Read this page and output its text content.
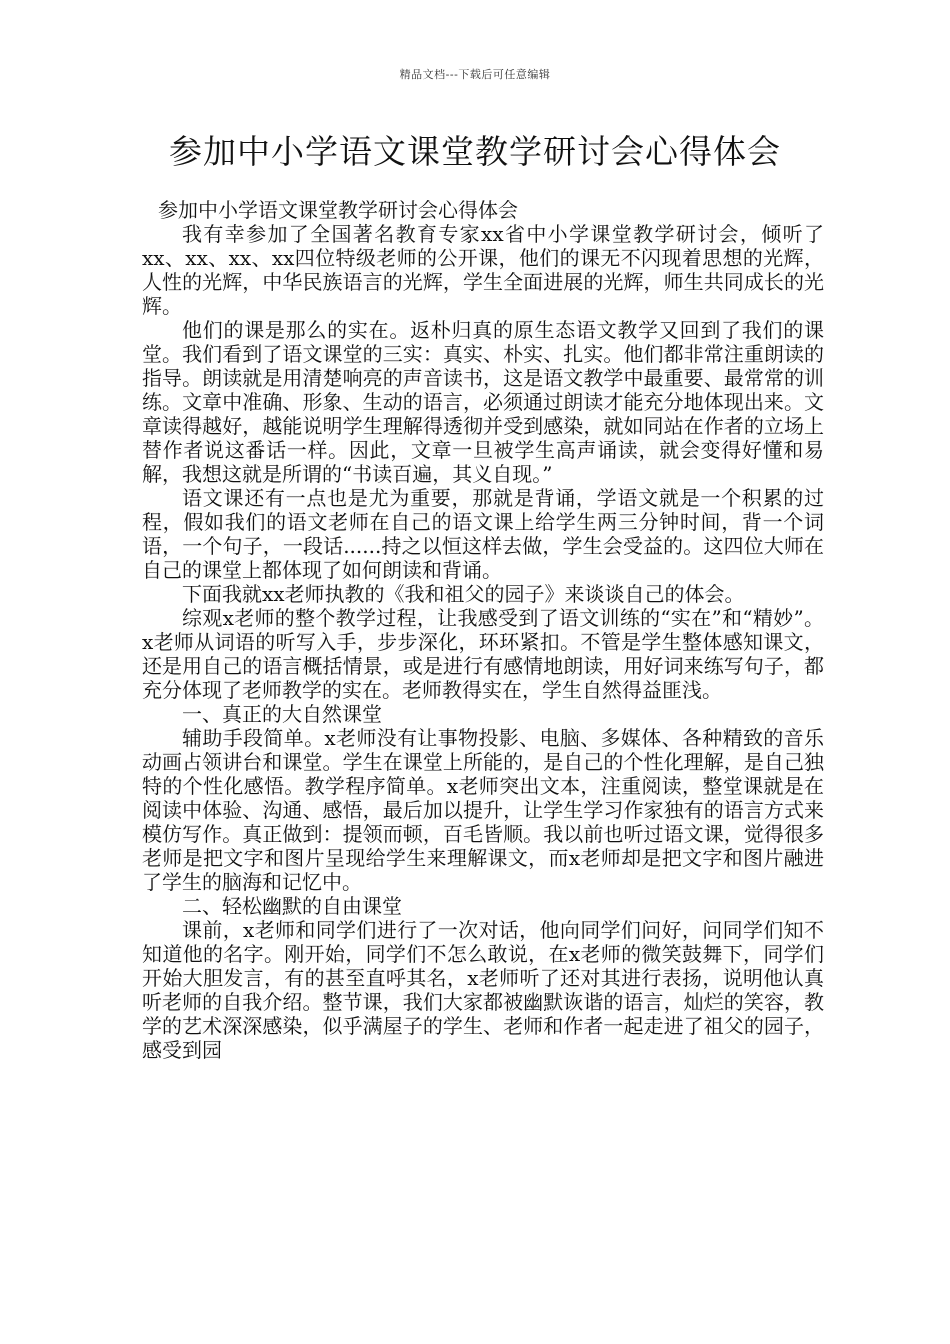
精品文档---下载后可任意编辑
参加中小学语文课堂教学研讨会心得体会

参加中小学语文课堂教学研讨会心得体会

我有幸参加了全国著名教育专家xx省中小学课堂教学研讨会，倾听了xx、xx、xx、xx四位特级老师的公开课，他们的课无不闪现着思想的光辉，人性的光辉，中华民族语言的光辉，学生全面进展的光辉，师生共同成长的光辉。

他们的课是那么的实在。返朴归真的原生态语文教学又回到了我们的课堂。我们看到了语文课堂的三实：真实、朴实、扎实。他们都非常注重朗读的指导。朗读就是用清楚响亮的声音读书，这是语文教学中最重要、最常常的训练。文章中准确、形象、生动的语言，必须通过朗读才能充分地体现出来。文章读得越好，越能说明学生理解得透彻并受到感染，就如同站在作者的立场上替作者说这番话一样。因此，文章一旦被学生高声诵读，就会变得好懂和易解，我想这就是所谓的“书读百遍，其义自现。”

语文课还有一点也是尤为重要，那就是背诵，学语文就是一个积累的过程，假如我们的语文老师在自己的语文课上给学生两三分钟时间，背一个词语，一个句子，一段话......持之以恒这样去做，学生会受益的。这四位大师在自己的课堂上都体现了如何朗读和背诵。

下面我就xx老师执教的《我和祖父的园子》来谈谈自己的体会。

综观x老师的整个教学过程，让我感受到了语文训练的“实在”和“精妙”。x老师从词语的听写入手，步步深化，环环紧扣。不管是学生整体感知课文，还是用自己的语言概括情景，或是进行有感情地朗读，用好词来练写句子，都充分体现了老师教学的实在。老师教得实在，学生自然得益匪浅。

一、真正的大自然课堂

辅助手段简单。x老师没有让事物投影、电脑、多媒体、各种精致的音乐动画占领讲台和课堂。学生在课堂上所能的，是自己的个性化理解，是自己独特的个性化感悟。教学程序简单。x老师突出文本，注重阅读，整堂课就是在阅读中体验、沟通、感悟，最后加以提升，让学生学习作家独有的语言方式来模仿写作。真正做到：提领而顿，百毛皆顺。我以前也听过语文课，觉得很多老师是把文字和图片呈现给学生来理解课文，而x老师却是把文字和图片融进了学生的脑海和记忆中。

二、轻松幽默的自由课堂

课前，x老师和同学们进行了一次对话，他向同学们问好，问同学们知不知道他的名字。刚开始，同学们不怎么敢说，在x老师的微笑鼓舞下，同学们开始大胆发言，有的甚至直呼其名，x老师听了还对其进行表扬，说明他认真听老师的自我介绍。整节课，我们大家都被幽默诙谐的语言，灿烂的笑容，教学的艺术深深感染，似乎满屋子的学生、老师和作者一起走进了祖父的园子，感受到园
